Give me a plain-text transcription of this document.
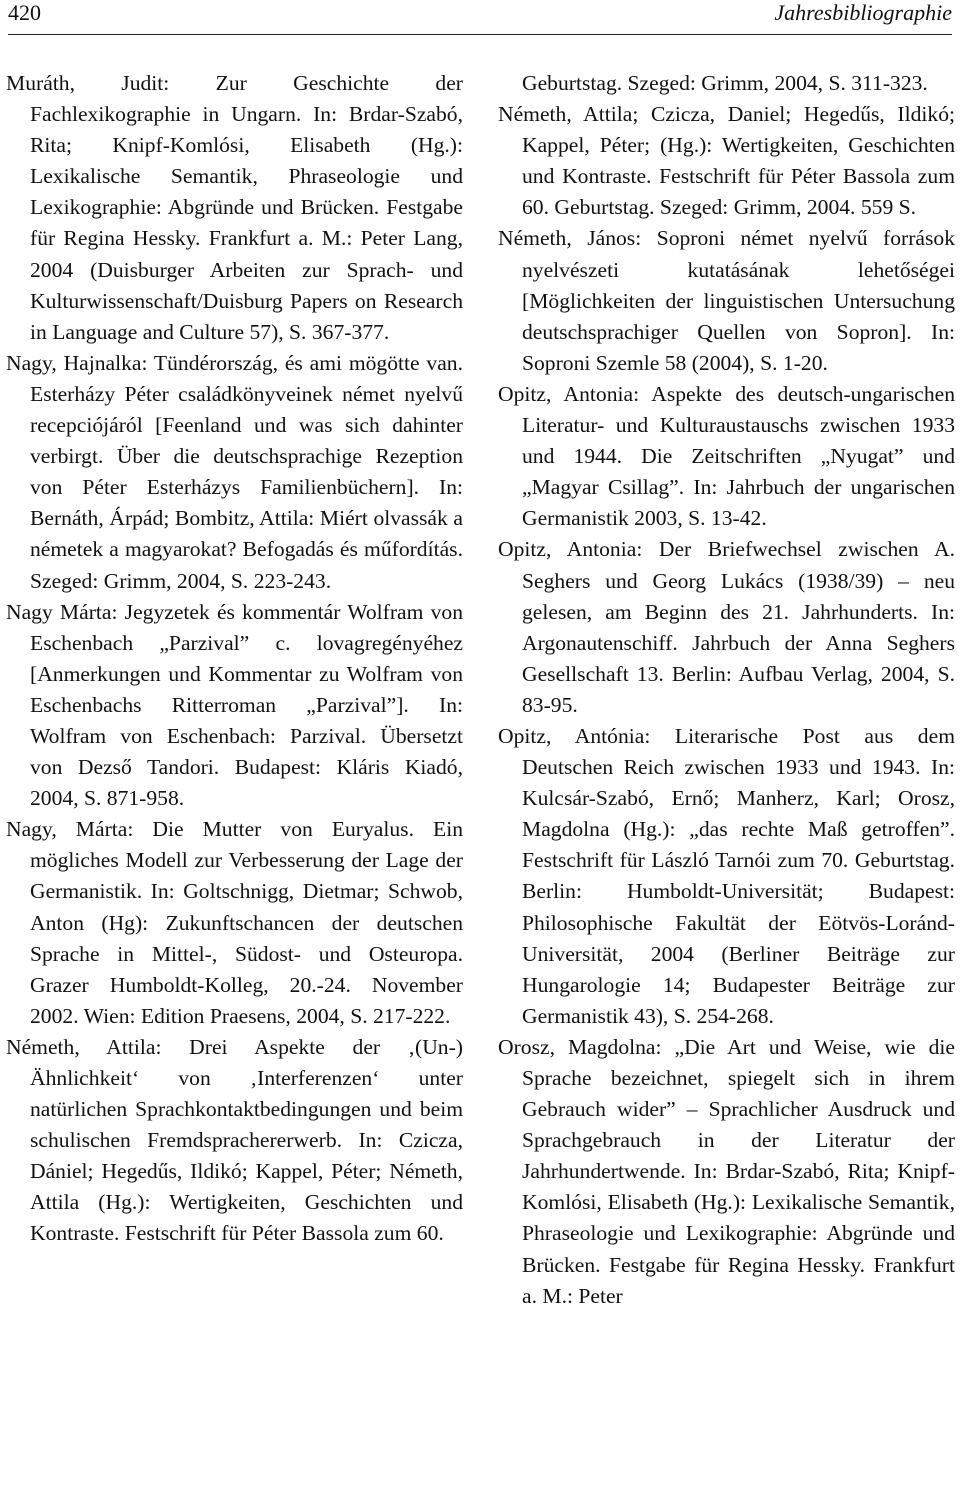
420	Jahresbibliographie

Muráth, Judit: Zur Geschichte der Fachlexikographie in Ungarn. In: Brdar-Szabó, Rita; Knipf-Komlósi, Elisabeth (Hg.): Lexikalische Semantik, Phraseologie und Lexikographie: Abgründe und Brücken. Festgabe für Regina Hessky. Frankfurt a. M.: Peter Lang, 2004 (Duisburger Arbeiten zur Sprach- und Kulturwissenschaft/Duisburg Papers on Research in Language and Culture 57), S. 367-377.

Nagy, Hajnalka: Tündérország, és ami mögötte van. Esterházy Péter családkönyveinek német nyelvű recepciójáról [Feenland und was sich dahinter verbirgt. Über die deutschsprachige Rezeption von Péter Esterházys Familienbüchern]. In: Bernáth, Árpád; Bombitz, Attila: Miért olvassák a németek a magyarokat? Befogadás és műfordítás. Szeged: Grimm, 2004, S. 223-243.

Nagy Márta: Jegyzetek és kommentár Wolfram von Eschenbach „Parzival” c. lovagregényéhez [Anmerkungen und Kommentar zu Wolfram von Eschenbachs Ritterroman „Parzival”]. In: Wolfram von Eschenbach: Parzival. Übersetzt von Dezső Tandori. Budapest: Kláris Kiadó, 2004, S. 871-958.

Nagy, Márta: Die Mutter von Euryalus. Ein mögliches Modell zur Verbesserung der Lage der Germanistik. In: Goltschnigg, Dietmar; Schwob, Anton (Hg): Zukunftschancen der deutschen Sprache in Mittel-, Südost- und Osteuropa. Grazer Humboldt-Kolleg, 20.-24. November 2002. Wien: Edition Praesens, 2004, S. 217-222.

Németh, Attila: Drei Aspekte der ‚(Un-) Ähnlichkeit‘ von ‚Interferenzen‘ unter natürlichen Sprachkontaktbedingungen und beim schulischen Fremdsprachererwerb. In: Czicza, Dániel; Hegedűs, Ildikó; Kappel, Péter; Németh, Attila (Hg.): Wertigkeiten, Geschichten und Kontraste. Festschrift für Péter Bassola zum 60.

Geburtstag. Szeged: Grimm, 2004, S. 311-323.

Németh, Attila; Czicza, Daniel; Hegedűs, Ildikó; Kappel, Péter; (Hg.): Wertigkeiten, Geschichten und Kontraste. Festschrift für Péter Bassola zum 60. Geburtstag. Szeged: Grimm, 2004. 559 S.

Németh, János: Soproni német nyelvű források nyelvészeti kutatásának lehetőségei [Möglichkeiten der linguistischen Untersuchung deutschsprachiger Quellen von Sopron]. In: Soproni Szemle 58 (2004), S. 1-20.

Opitz, Antonia: Aspekte des deutsch-ungarischen Literatur- und Kulturaustauschs zwischen 1933 und 1944. Die Zeitschriften „Nyugat” und „Magyar Csillag”. In: Jahrbuch der ungarischen Germanistik 2003, S. 13-42.

Opitz, Antonia: Der Briefwechsel zwischen A. Seghers und Georg Lukács (1938/39) – neu gelesen, am Beginn des 21. Jahrhunderts. In: Argonautenschiff. Jahrbuch der Anna Seghers Gesellschaft 13. Berlin: Aufbau Verlag, 2004, S. 83-95.

Opitz, Antónia: Literarische Post aus dem Deutschen Reich zwischen 1933 und 1943. In: Kulcsár-Szabó, Ernő; Manherz, Karl; Orosz, Magdolna (Hg.): „das rechte Maß getroffen”. Festschrift für László Tarnói zum 70. Geburtstag. Berlin: Humboldt-Universität; Budapest: Philosophische Fakultät der Eötvös-Loránd-Universität, 2004 (Berliner Beiträge zur Hungarologie 14; Budapester Beiträge zur Germanistik 43), S. 254-268.

Orosz, Magdolna: „Die Art und Weise, wie die Sprache bezeichnet, spiegelt sich in ihrem Gebrauch wider” – Sprachlicher Ausdruck und Sprachgebrauch in der Literatur der Jahrhundertwende. In: Brdar-Szabó, Rita; Knipf-Komlósi, Elisabeth (Hg.): Lexikalische Semantik, Phraseologie und Lexikographie: Abgründe und Brücken. Festgabe für Regina Hessky. Frankfurt a. M.: Peter
